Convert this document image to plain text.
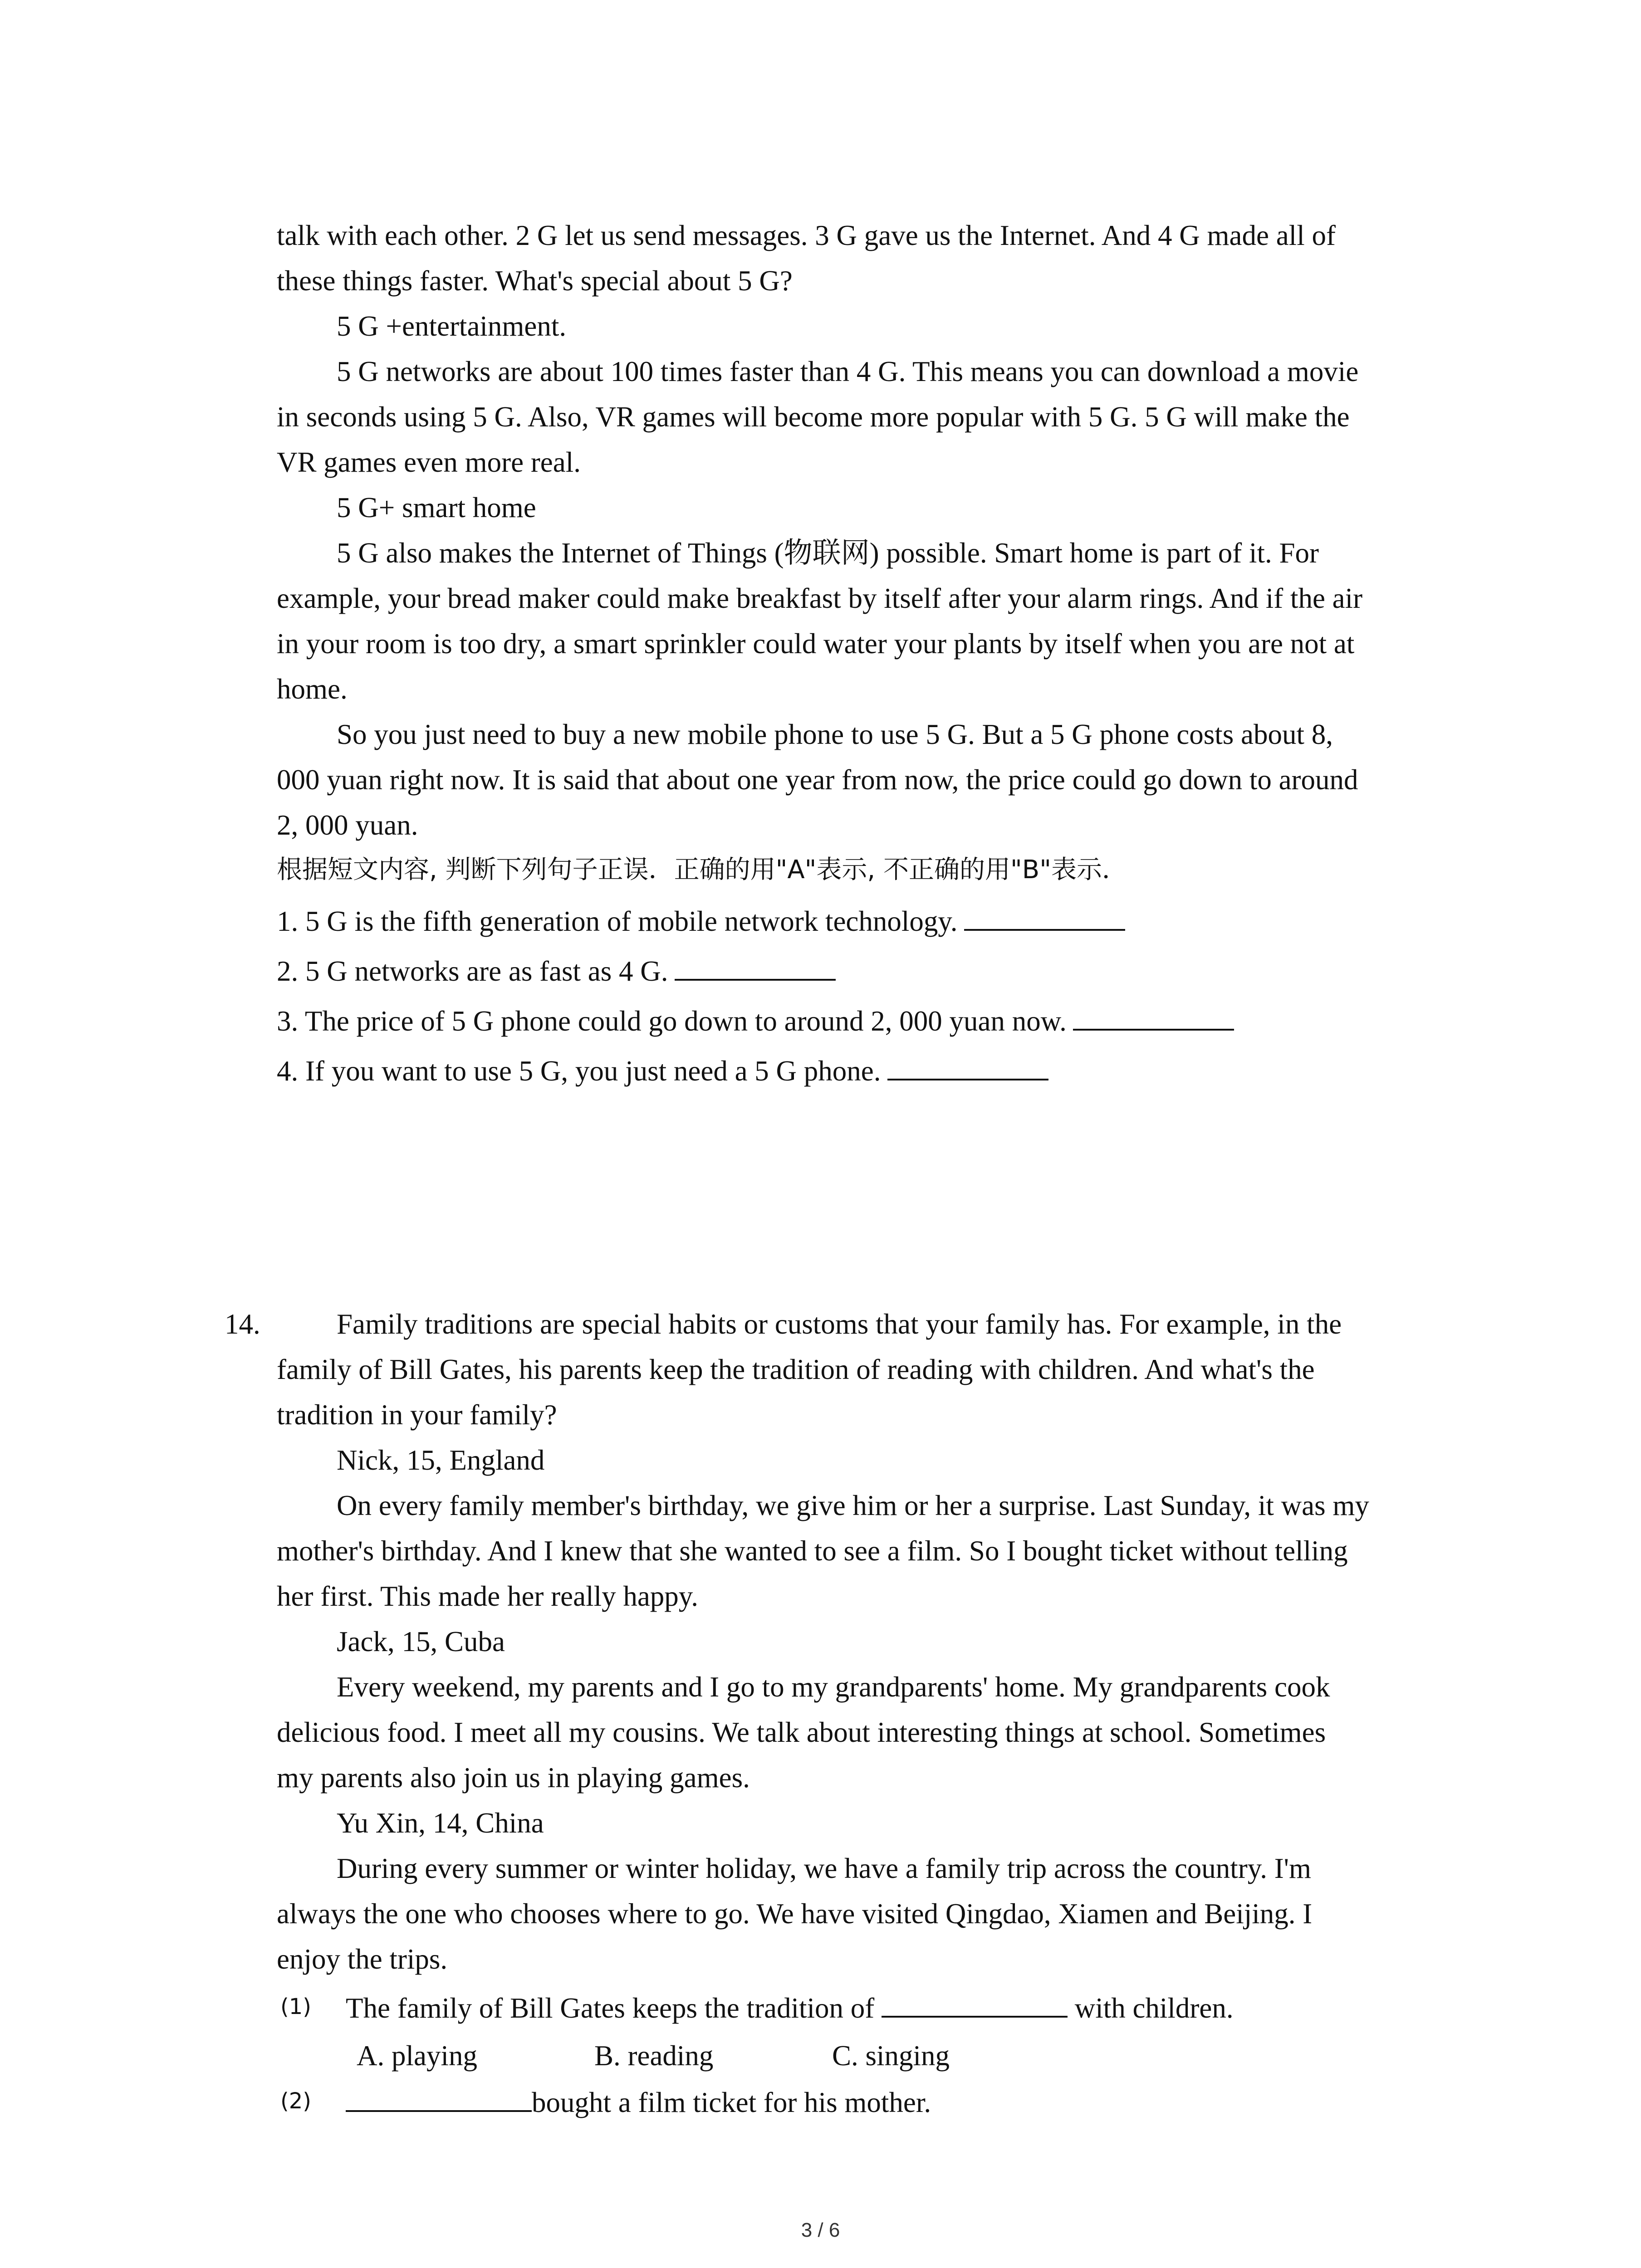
talk with each other. 2 G let us send messages. 3 G gave us the Internet. And 4 G made all of
these things faster. What's special about 5 G?
5 G +entertainment.
5 G networks are about 100 times faster than 4 G. This means you can download a movie
in seconds using 5 G. Also, VR games will become more popular with 5 G. 5 G will make the
VR games even more real.
5 G+ smart home
5 G also makes the Internet of Things (物联网) possible. Smart home is part of it. For
example, your bread maker could make breakfast by itself after your alarm rings. And if the air
in your room is too dry, a smart sprinkler could water your plants by itself when you are not at
home.
So you just need to buy a new mobile phone to use 5 G. But a 5 G phone costs about 8,
000 yuan right now. It is said that about one year from now, the price could go down to around
2, 000 yuan.
根据短文内容, 判断下列句子正误．正确的用"A"表示, 不正确的用"B"表示．
1. 5 G is the fifth generation of mobile network technology.
2. 5 G networks are as fast as 4 G.
3. The price of 5 G phone could go down to around 2, 000 yuan now.
4. If you want to use 5 G, you just need a 5 G phone.
14.	Family traditions are special habits or customs that your family has. For example, in the
family of Bill Gates, his parents keep the tradition of reading with children. And what's the
tradition in your family?
Nick, 15, England
On every family member's birthday, we give him or her a surprise. Last Sunday, it was my
mother's birthday. And I knew that she wanted to see a film. So I bought ticket without telling
her first. This made her really happy.
Jack, 15, Cuba
Every weekend, my parents and I go to my grandparents' home. My grandparents cook
delicious food. I meet all my cousins. We talk about interesting things at school. Sometimes
my parents also join us in playing games.
Yu Xin, 14, China
During every summer or winter holiday, we have a family trip across the country. I'm
always the one who chooses where to go. We have visited Qingdao, Xiamen and Beijing. I
enjoy the trips.
(1) The family of Bill Gates keeps the tradition of	with children.
A. playing	B. reading	C. singing
(2)	bought a film ticket for his mother.
3 / 6
